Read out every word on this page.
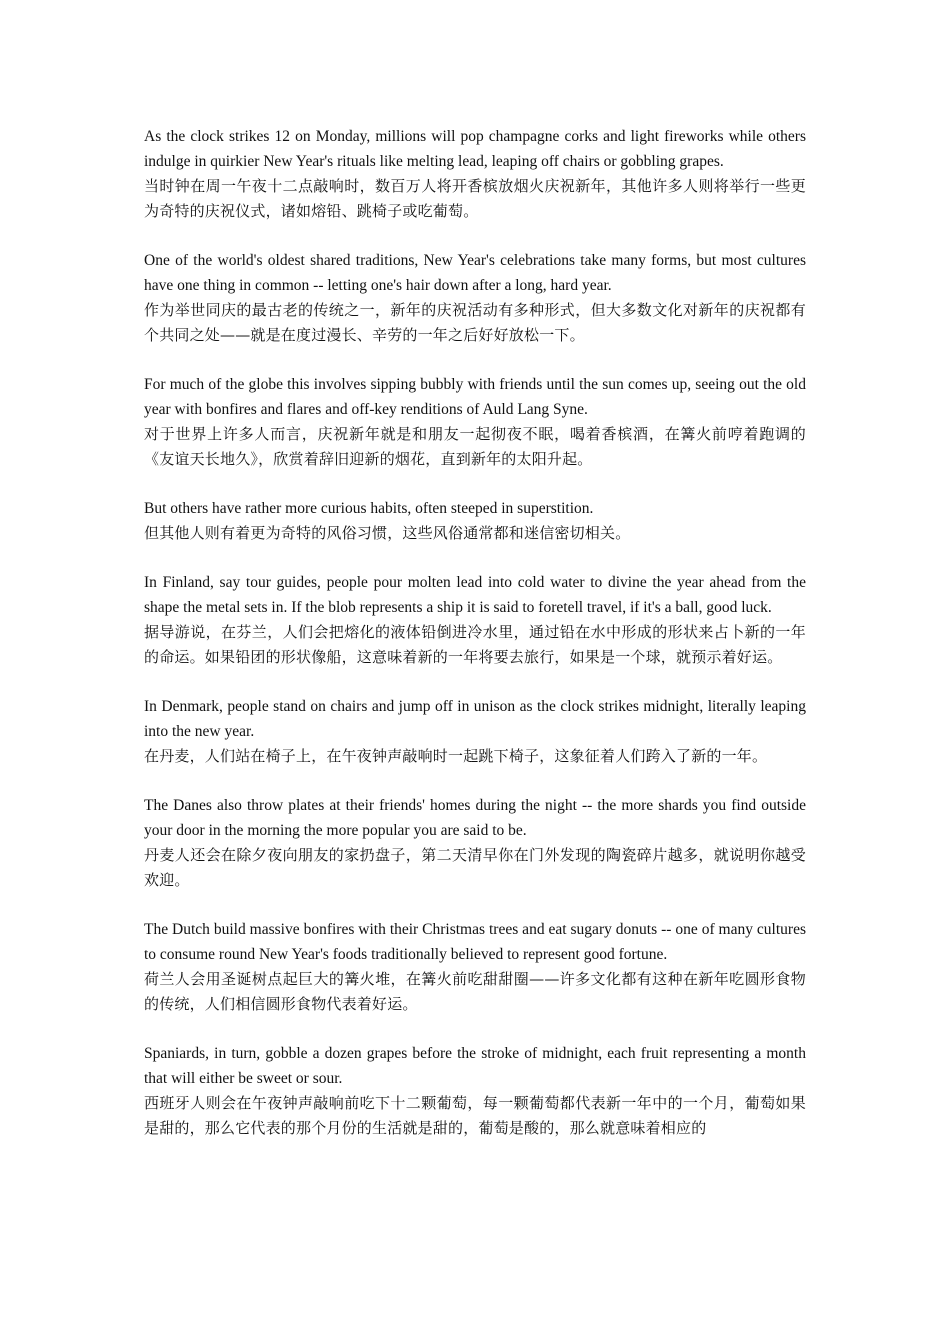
As the clock strikes 12 on Monday, millions will pop champagne corks and light fireworks while others indulge in quirkier New Year's rituals like melting lead, leaping off chairs or gobbling grapes.

当时钟在周一午夜十二点敲响时，数百万人将开香槟放烟火庆祝新年，其他许多人则将举行一些更为奇特的庆祝仪式，诸如熔铅、跳椅子或吃葡萄。

One of the world's oldest shared traditions, New Year's celebrations take many forms, but most cultures have one thing in common -- letting one's hair down after a long, hard year.

作为举世同庆的最古老的传统之一，新年的庆祝活动有多种形式，但大多数文化对新年的庆祝都有个共同之处——就是在度过漫长、辛劳的一年之后好好放松一下。

For much of the globe this involves sipping bubbly with friends until the sun comes up, seeing out the old year with bonfires and flares and off-key renditions of Auld Lang Syne.

对于世界上许多人而言，庆祝新年就是和朋友一起彻夜不眠，喝着香槟酒，在篝火前哼着跑调的《友谊天长地久》，欣赏着辞旧迎新的烟花，直到新年的太阳升起。

But others have rather more curious habits, often steeped in superstition.

但其他人则有着更为奇特的风俗习惯，这些风俗通常都和迷信密切相关。

In Finland, say tour guides, people pour molten lead into cold water to divine the year ahead from the shape the metal sets in. If the blob represents a ship it is said to foretell travel, if it's a ball, good luck.

据导游说，在芬兰，人们会把熔化的液体铅倒进冷水里，通过铅在水中形成的形状来占卜新的一年的命运。如果铅团的形状像船，这意味着新的一年将要去旅行，如果是一个球，就预示着好运。

In Denmark, people stand on chairs and jump off in unison as the clock strikes midnight, literally leaping into the new year.

在丹麦，人们站在椅子上，在午夜钟声敲响时一起跳下椅子，这象征着人们跨入了新的一年。

The Danes also throw plates at their friends' homes during the night -- the more shards you find outside your door in the morning the more popular you are said to be.

丹麦人还会在除夕夜向朋友的家扔盘子，第二天清早你在门外发现的陶瓷碎片越多，就说明你越受欢迎。

The Dutch build massive bonfires with their Christmas trees and eat sugary donuts -- one of many cultures to consume round New Year's foods traditionally believed to represent good fortune.

荷兰人会用圣诞树点起巨大的篝火堆，在篝火前吃甜甜圈——许多文化都有这种在新年吃圆形食物的传统，人们相信圆形食物代表着好运。

Spaniards, in turn, gobble a dozen grapes before the stroke of midnight, each fruit representing a month that will either be sweet or sour.

西班牙人则会在午夜钟声敲响前吃下十二颗葡萄，每一颗葡萄都代表新一年中的一个月，葡萄如果是甜的，那么它代表的那个月份的生活就是甜的，葡萄是酸的，那么就意味着相应的
